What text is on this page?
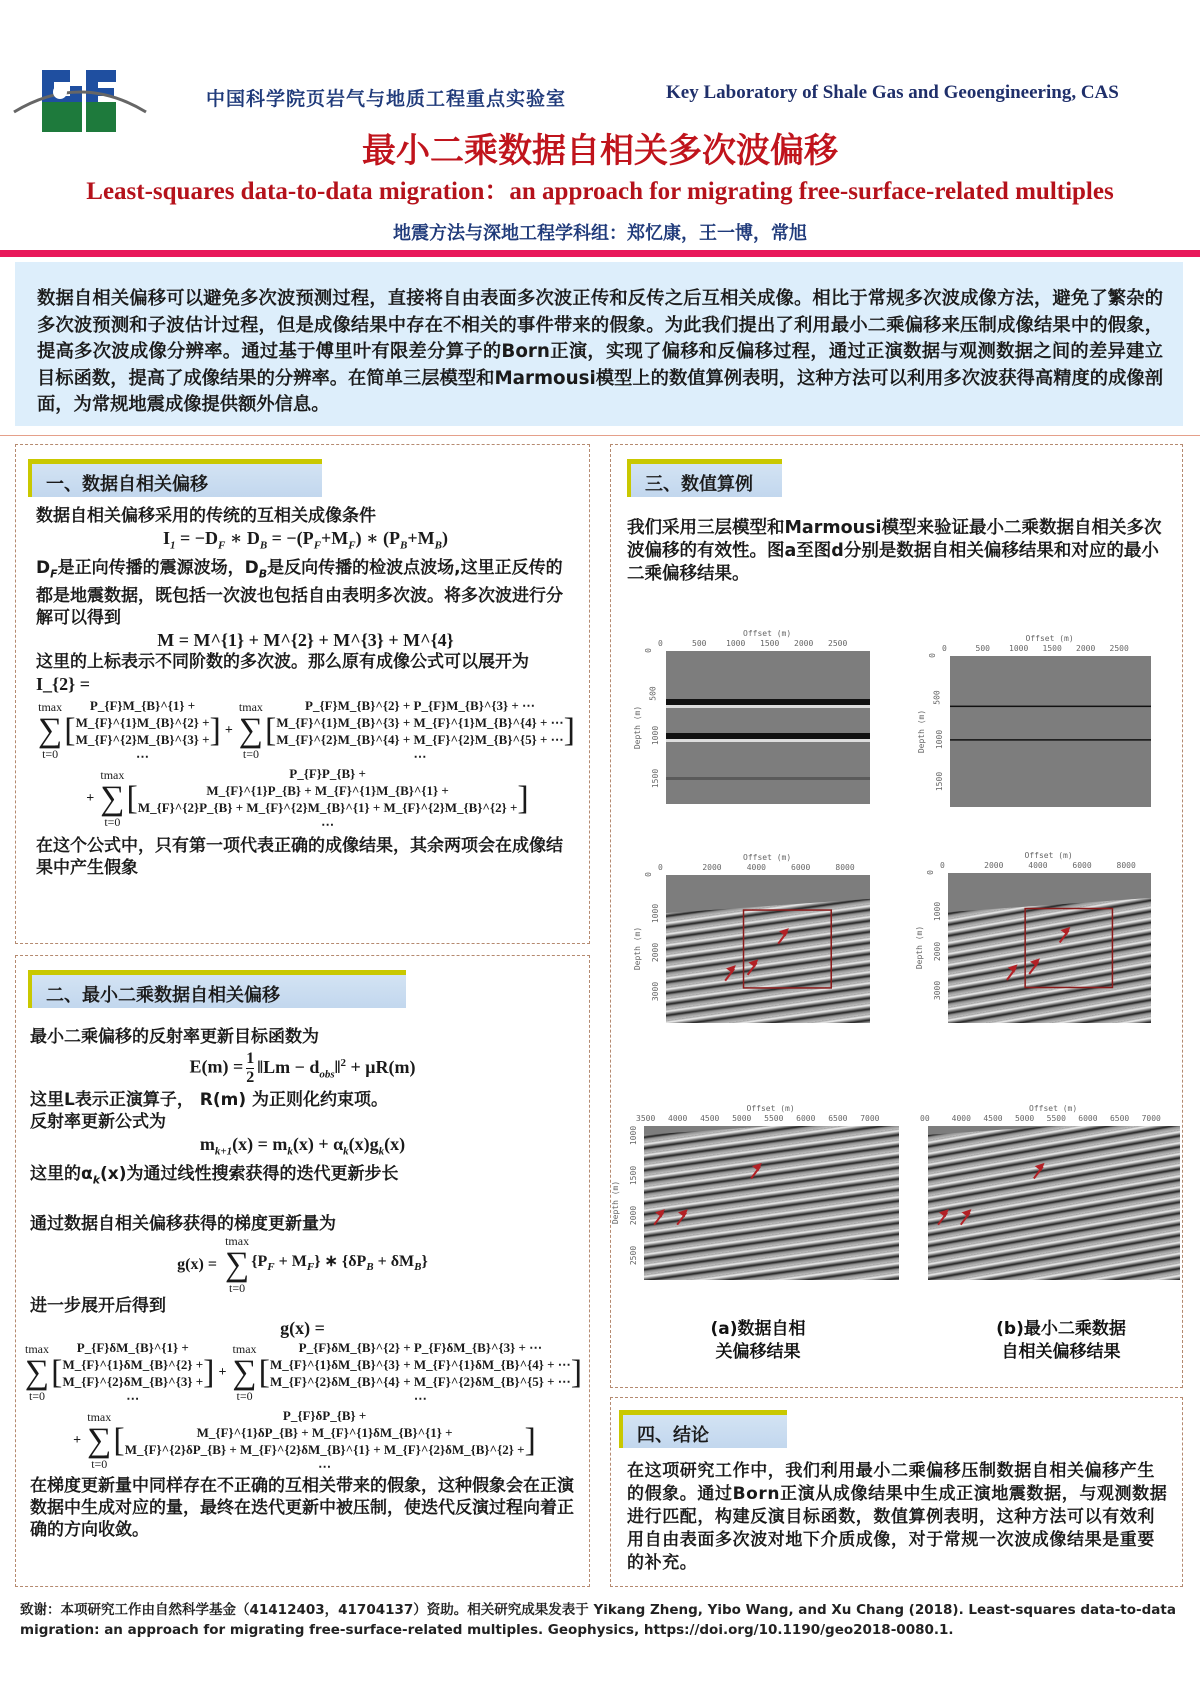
中国科学院页岩气与地质工程重点实验室	Key Laboratory of Shale Gas and Geoengineering, CAS
最小二乘数据自相关多次波偏移
Least-squares data-to-data migration：an approach for migrating free-surface-related multiples
地震方法与深地工程学科组：郑忆康，王一博，常旭
数据自相关偏移可以避免多次波预测过程，直接将自由表面多次波正传和反传之后互相关成像。相比于常规多次波成像方法，避免了繁杂的多次波预测和子波估计过程，但是成像结果中存在不相关的事件带来的假象。为此我们提出了利用最小二乘偏移来压制成像结果中的假象，提高多次波成像分辨率。通过基于傅里叶有限差分算子的Born正演，实现了偏移和反偏移过程，通过正演数据与观测数据之间的差异建立目标函数，提高了成像结果的分辨率。在简单三层模型和Marmousi模型上的数值算例表明，这种方法可以利用多次波获得高精度的成像剖面，为常规地震成像提供额外信息。
一、数据自相关偏移
数据自相关偏移采用的传统的互相关成像条件
$I_1 = -D_F$ ∗ $D_B = -(P_F+M_F)$ ∗ $(P_B+M_B)$
$D_F$是正向传播的震源波场，$D_B$是反向传播的检波点波场,这里正反传的都是地震数据，既包括一次波也包括自由表明多次波。将多次波进行分解可以得到
M = M^{1} + M^{2} + M^{3} + M^{4}
这里的上标表示不同阶数的多次波。那么原有成像公式可以展开为
I_{2} =
tmax
∑
t=0
[
P_{F}M_{B}^{1} +
M_{F}^{1}M_{B}^{2} +
M_{F}^{2}M_{B}^{3} +
⋯
] +
tmax
∑
t=0
[
P_{F}M_{B}^{2} + P_{F}M_{B}^{3} + ⋯
M_{F}^{1}M_{B}^{3} + M_{F}^{1}M_{B}^{4} + ⋯
M_{F}^{2}M_{B}^{4} + M_{F}^{2}M_{B}^{5} + ⋯
⋯
]
+
tmax
∑
t=0
[
P_{F}P_{B} +
M_{F}^{1}P_{B} + M_{F}^{1}M_{B}^{1} +
M_{F}^{2}P_{B} + M_{F}^{2}M_{B}^{1} + M_{F}^{2}M_{B}^{2} +
⋯
]
在这个公式中，只有第一项代表正确的成像结果，其余两项会在成像结果中产生假象
二、最小二乘数据自相关偏移
最小二乘偏移的反射率更新目标函数为
$E(m) = \frac{1}{2}$ ‖Lm − $d_{obs}‖^2 + \mu R(m)$
这里L表示正演算子， R(m) 为正则化约束项。
反射率更新公式为
$m_{k+1}(x) = m_k(x) + \alpha_k(x)g_k(x)$
这里的$\alpha_k(x)$为通过线性搜索获得的迭代更新步长
通过数据自相关偏移获得的梯度更新量为
g(x) =
tmax
∑
t=0
$\{P_F + M_F\}$ ∗ $\{\delta P_B + \delta M_B\}$
进一步展开后得到
g(x) =
tmax
∑
t=0
[
P_{F}δM_{B}^{1} +
M_{F}^{1}δM_{B}^{2} +
M_{F}^{2}δM_{B}^{3} +
⋯
] +
tmax
∑
t=0
[
P_{F}δM_{B}^{2} + P_{F}δM_{B}^{3} + ⋯
M_{F}^{1}δM_{B}^{3} + M_{F}^{1}δM_{B}^{4} + ⋯
M_{F}^{2}δM_{B}^{4} + M_{F}^{2}δM_{B}^{5} + ⋯
⋯
]
+
tmax
∑
t=0
[
P_{F}δP_{B} +
M_{F}^{1}δP_{B} + M_{F}^{1}δM_{B}^{1} +
M_{F}^{2}δP_{B} + M_{F}^{2}δM_{B}^{1} + M_{F}^{2}δM_{B}^{2} +
⋯
]
在梯度更新量中同样存在不正确的互相关带来的假象，这种假象会在正演数据中生成对应的量，最终在迭代更新中被压制，使迭代反演过程向着正确的方向收敛。
三、数值算例
我们采用三层模型和Marmousi模型来验证最小二乘数据自相关多次波偏移的有效性。图a至图d分别是数据自相关偏移结果和对应的最小二乘偏移结果。
0	500 1000 1500 2000 2500
0
500
1000
1500
Offset (m)
Depth (m)
0	500 1000 1500 2000 2500
0
500
1000
1500
Offset (m)
Depth (m)
0	2000	4000	6000	8000
0
1000
2000
3000
Offset (m)
Depth (m)
0	2000	4000	6000	8000
0
1000
2000
3000
Offset (m)
Depth (m)
3500 4000 4500 5000 5500 6000 6500 7000
1000
1500
2000
2500
Offset (m)
Depth (m)
00	4000 4500 5000 5500 6000 6500 7000
Offset (m)
(a)数据自相
关偏移结果
(b)最小二乘数据
自相关偏移结果
四、结论
在这项研究工作中，我们利用最小二乘偏移压制数据自相关偏移产生的假象。通过Born正演从成像结果中生成正演地震数据，与观测数据进行匹配，构建反演目标函数，数值算例表明，这种方法可以有效利用自由表面多次波对地下介质成像，对于常规一次波成像结果是重要的补充。
致谢：本项研究工作由自然科学基金（41412403，41704137）资助。相关研究成果发表于 Yikang Zheng, Yibo Wang, and Xu Chang (2018). Least-squares data-to-data migration: an approach for migrating free-surface-related multiples. Geophysics, https://doi.org/10.1190/geo2018-0080.1.
